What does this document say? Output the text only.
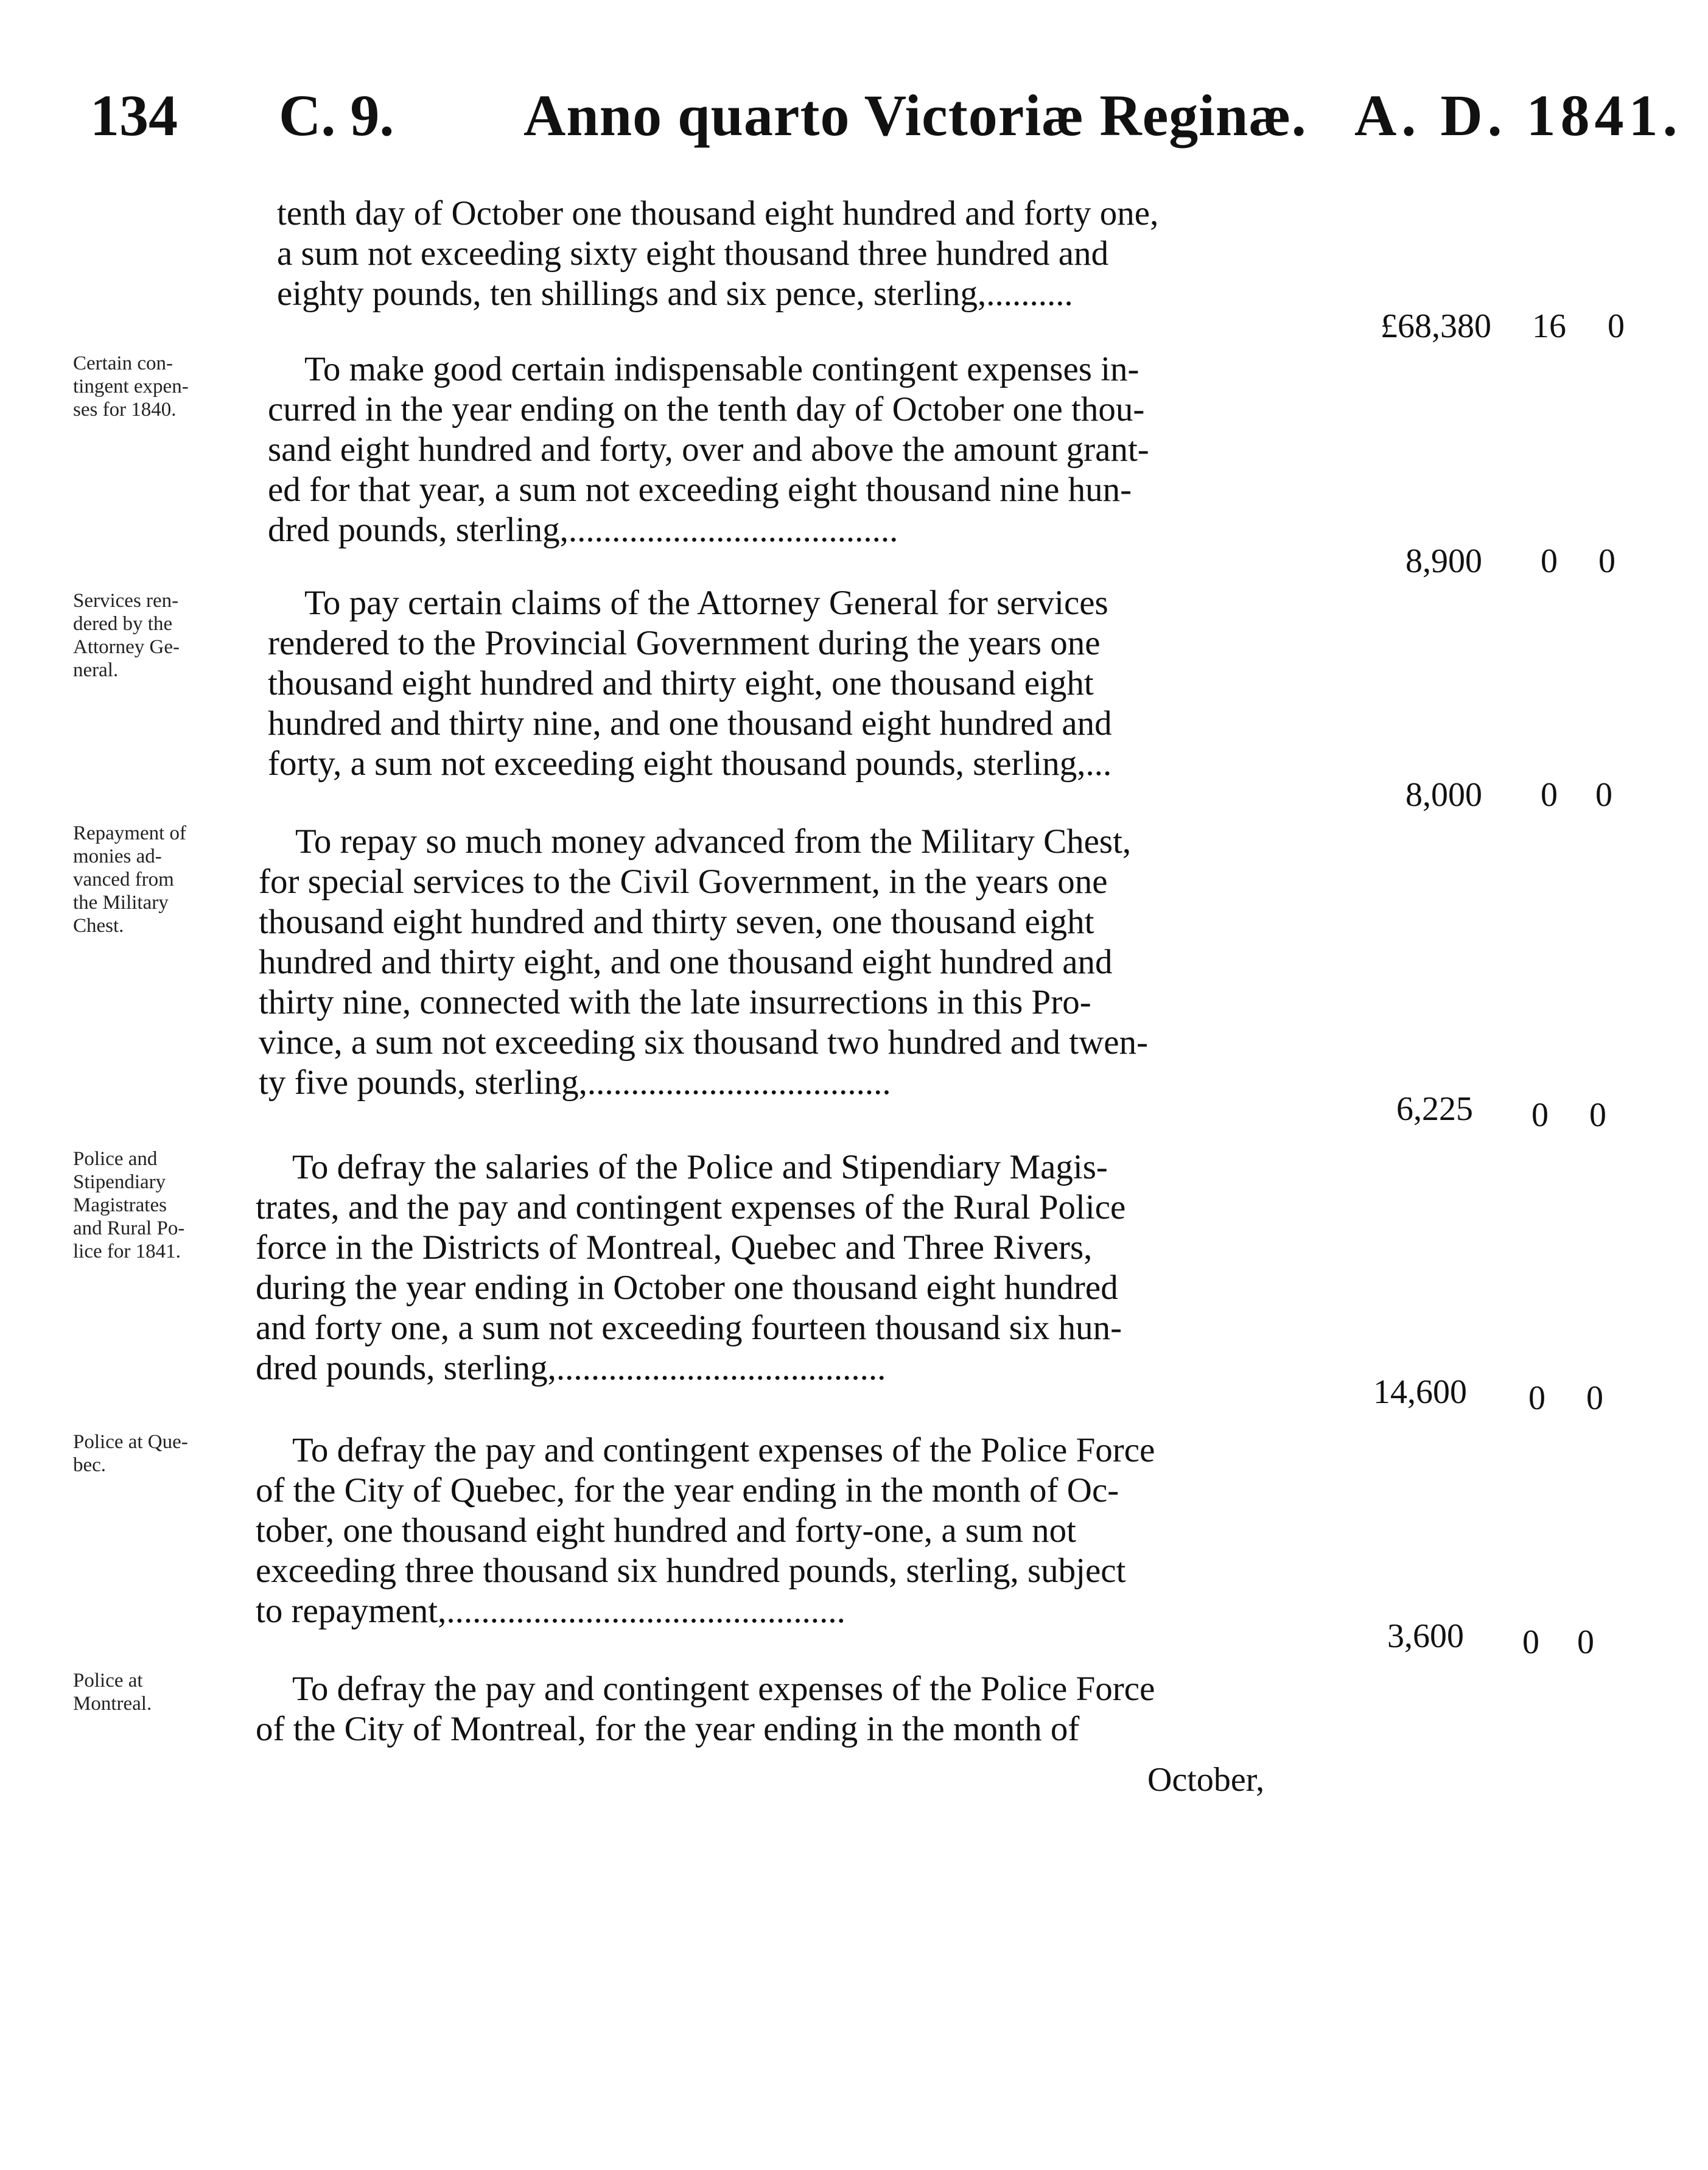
134 C. 9. Anno quarto Victoriæ Reginæ. A. D. 1841.
tenth day of October one thousand eight hundred and forty one,
a sum not exceeding sixty eight thousand three hundred and
eighty pounds, ten shillings and six pence, sterling,..........
£68,380 16 0
Certain con-
tingent expen-
ses for 1840.
To make good certain indispensable contingent expenses in-
curred in the year ending on the tenth day of October one thou-
sand eight hundred and forty, over and above the amount grant-
ed for that year, a sum not exceeding eight thousand nine hun-
dred pounds, sterling,......................................
8,900	0	0
Services ren-
dered by the
Attorney Ge-
neral.
To pay certain claims of the Attorney General for services
rendered to the Provincial Government during the years one
thousand eight hundred and thirty eight, one thousand eight
hundred and thirty nine, and one thousand eight hundred and
forty, a sum not exceeding eight thousand pounds, sterling,...
8,000	0	0
Repayment of
monies ad-
vanced from
the Military
Chest.
To repay so much money advanced from the Military Chest,
for special services to the Civil Government, in the years one
thousand eight hundred and thirty seven, one thousand eight
hundred and thirty eight, and one thousand eight hundred and
thirty nine, connected with the late insurrections in this Pro-
vince, a sum not exceeding six thousand two hundred and twen-
ty five pounds, sterling,...................................
6,225	0	0
Police and
Stipendiary
Magistrates
and Rural Po-
lice for 1841.
To defray the salaries of the Police and Stipendiary Magis-
trates, and the pay and contingent expenses of the Rural Police
force in the Districts of Montreal, Quebec and Three Rivers,
during the year ending in October one thousand eight hundred
and forty one, a sum not exceeding fourteen thousand six hun-
dred pounds, sterling,......................................
14,600	0	0
Police at Que-
bec.	To defray the pay and contingent expenses of the Police Force
of the City of Quebec, for the year ending in the month of Oc-
tober, one thousand eight hundred and forty-one, a sum not
exceeding three thousand six hundred pounds, sterling, subject
to repayment,..............................................
3,600	0	0
Police at
Montreal.	To defray the pay and contingent expenses of the Police Force
of the City of Montreal, for the year ending in the month of
October,
